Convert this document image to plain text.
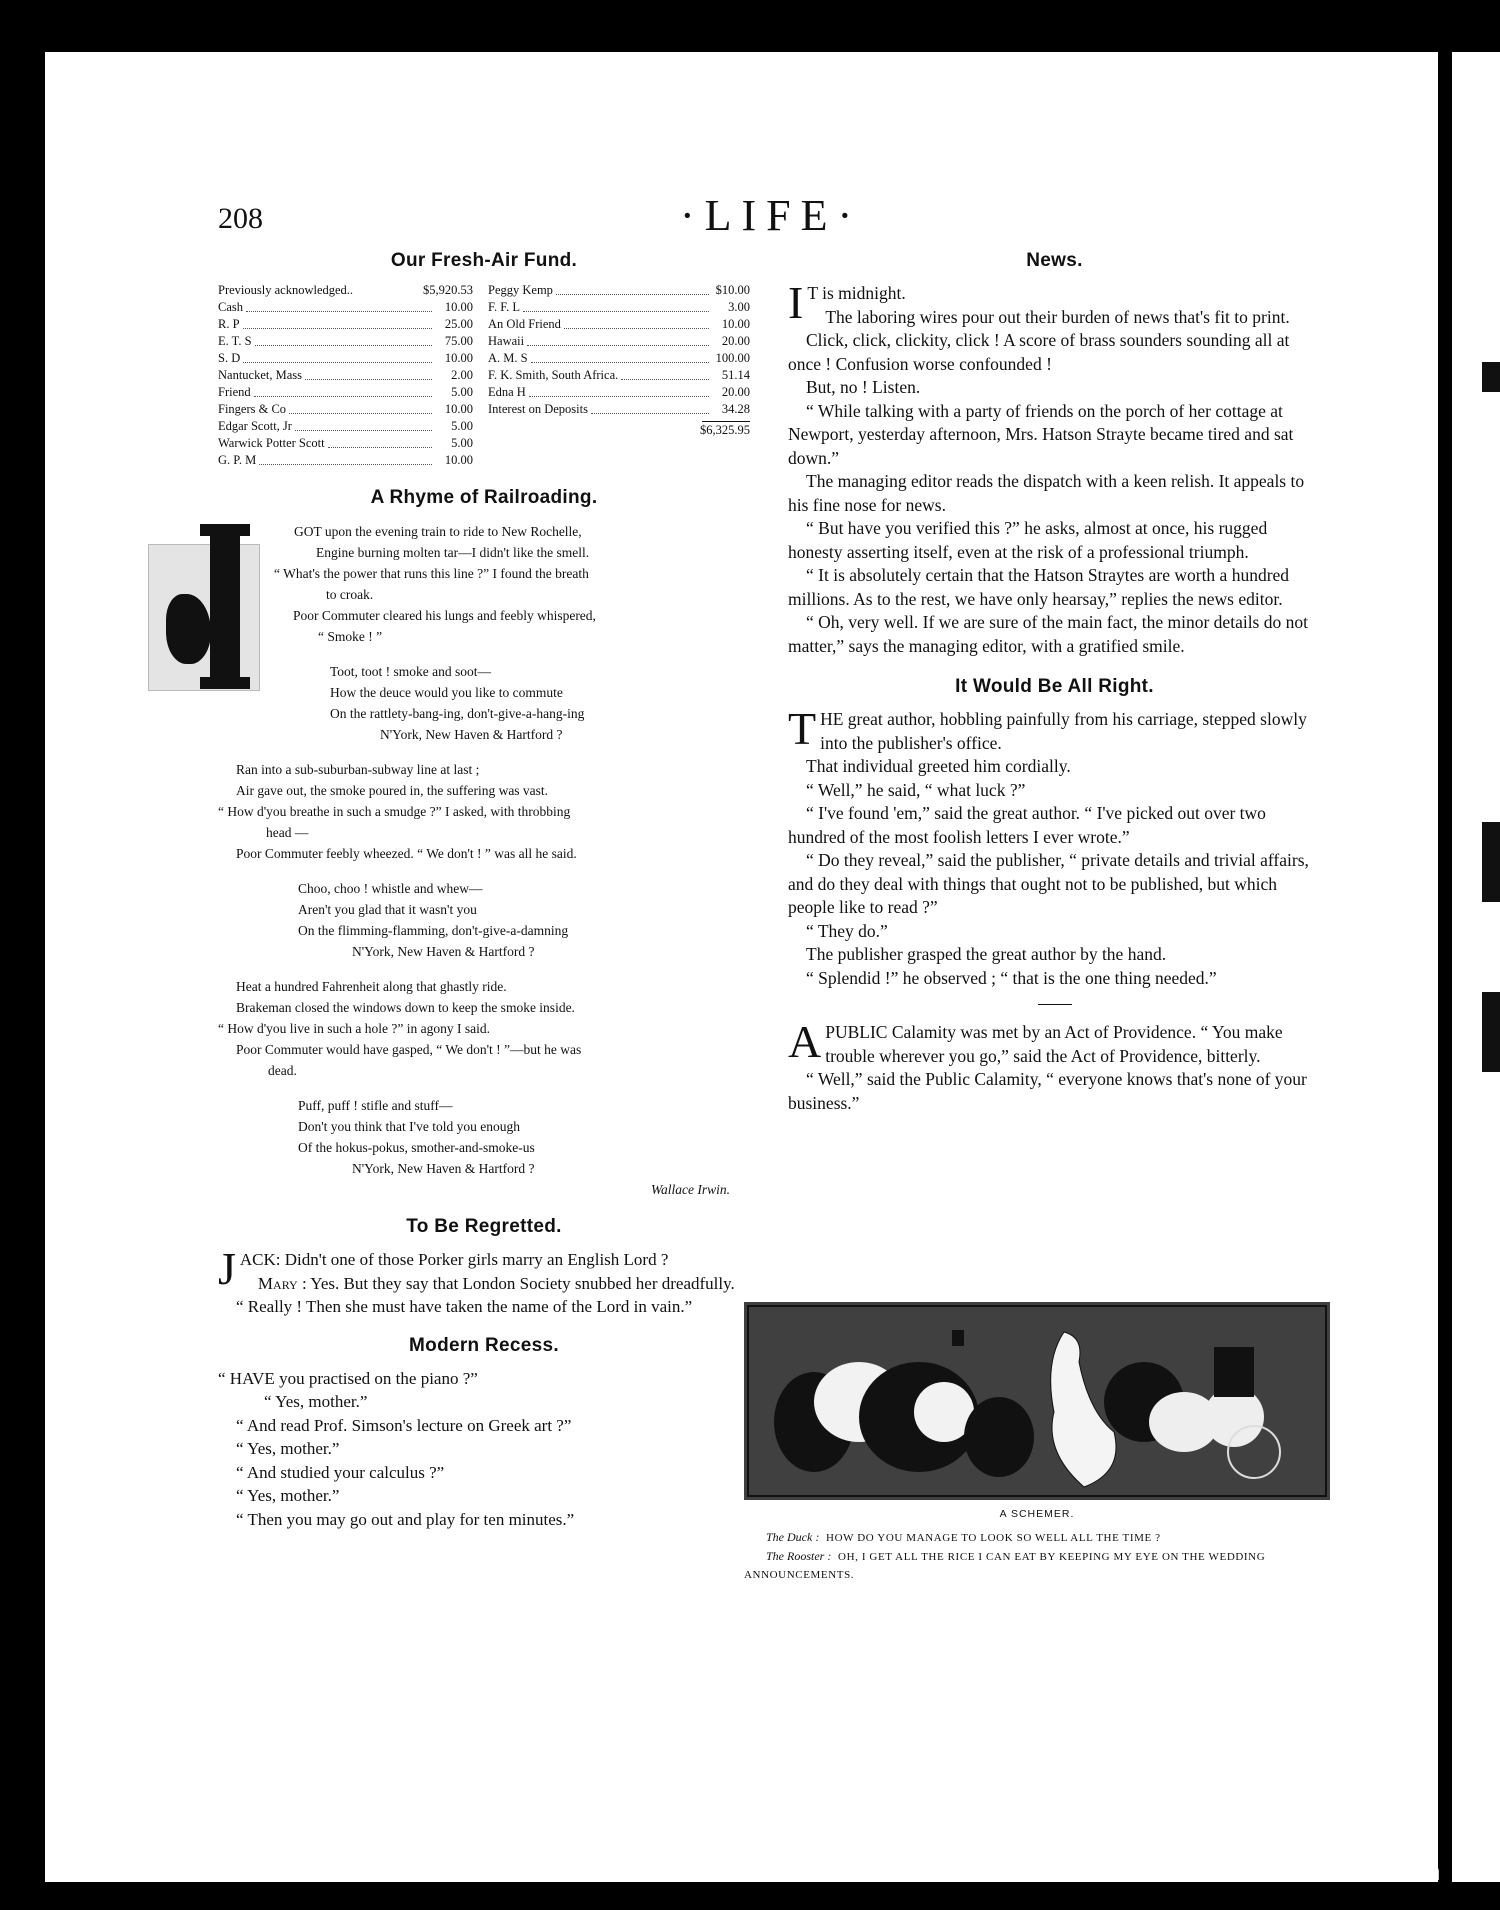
208	·LIFE·
Our Fresh-Air Fund.
Previously acknowledged..	$5,920.53
Cash	10.00
R. P	25.00
E. T. S	75.00
S. D	10.00
Nantucket, Mass	2.00
Friend	5.00
Fingers & Co	10.00
Edgar Scott, Jr	5.00
Warwick Potter Scott	5.00
G. P. M	10.00
Peggy Kemp	$10.00
F. F. L	3.00
An Old Friend	10.00
Hawaii	20.00
A. M. S	100.00
F. K. Smith, South Africa.	51.14
Edna H	20.00
Interest on Deposits	34.28
$6,325.95
A Rhyme of Railroading.
GOT upon the evening train to ride to New Rochelle,
Engine burning molten tar—I didn't like the smell.
“ What's the power that runs this line ?” I found the breath
to croak.
Poor Commuter cleared his lungs and feebly whispered,
“ Smoke ! ”
Toot, toot ! smoke and soot—
How the deuce would you like to commute
On the rattlety-bang-ing, don't-give-a-hang-ing
N'York, New Haven & Hartford ?
Ran into a sub-suburban-subway line at last ;
Air gave out, the smoke poured in, the suffering was vast.
“ How d'you breathe in such a smudge ?” I asked, with throbbing
head —
Poor Commuter feebly wheezed. “ We don't ! ” was all he said.
Choo, choo ! whistle and whew—
Aren't you glad that it wasn't you
On the flimming-flamming, don't-give-a-damning
N'York, New Haven & Hartford ?
Heat a hundred Fahrenheit along that ghastly ride.
Brakeman closed the windows down to keep the smoke inside.
“ How d'you live in such a hole ?” in agony I said.
Poor Commuter would have gasped, “ We don't ! ”—but he was
dead.
Puff, puff ! stifle and stuff—
Don't you think that I've told you enough
Of the hokus-pokus, smother-and-smoke-us
N'York, New Haven & Hartford ?
Wallace Irwin.
To Be Regretted.

JACK: Didn't one of those Porker girls marry an English Lord ?

Mary : Yes. But they say that London Society snubbed her dreadfully.

“ Really ! Then she must have taken the name of the Lord in vain.”

Modern Recess.

“ HAVE you practised on the piano ?”

“ Yes, mother.”

“ And read Prof. Simson's lecture on Greek art ?”

“ Yes, mother.”

“ And studied your calculus ?”

“ Yes, mother.”

“ Then you may go out and play for ten minutes.”

News.

I T is midnight.

The laboring wires pour out their burden of news that's fit to print.

Click, click, clickity, click ! A score of brass sounders sounding all at once ! Confusion worse confounded !

But, no ! Listen.

“ While talking with a party of friends on the porch of her cottage at Newport, yesterday afternoon, Mrs. Hatson Strayte became tired and sat down.”

The managing editor reads the dispatch with a keen relish. It appeals to his fine nose for news.

“ But have you verified this ?” he asks, almost at once, his rugged honesty asserting itself, even at the risk of a professional triumph.

“ It is absolutely certain that the Hatson Straytes are worth a hundred millions. As to the rest, we have only hearsay,” replies the news editor.

“ Oh, very well. If we are sure of the main fact, the minor details do not matter,” says the managing editor, with a gratified smile.

It Would Be All Right.

THE great author, hobbling painfully from his carriage, stepped slowly into the publisher's office.

That individual greeted him cordially.

“ Well,” he said, “ what luck ?”

“ I've found 'em,” said the great author. “ I've picked out over two hundred of the most foolish letters I ever wrote.”

“ Do they reveal,” said the publisher, “ private details and trivial affairs, and do they deal with things that ought not to be published, but which people like to read ?”

“ They do.”

The publisher grasped the great author by the hand.

“ Splendid !” he observed ; “ that is the one thing needed.”

APUBLIC Calamity was met by an Act of Providence. “ You make trouble wherever you go,” said the Act of Providence, bitterly.

“ Well,” said the Public Calamity, “ everyone knows that's none of your business.”

A SCHEMER.
The Duck : HOW DO YOU MANAGE TO LOOK SO WELL ALL THE TIME ?
The Rooster : OH, I GET ALL THE RICE I CAN EAT BY KEEPING MY EYE ON THE WEDDING ANNOUNCEMENTS.
comicbooks.com
